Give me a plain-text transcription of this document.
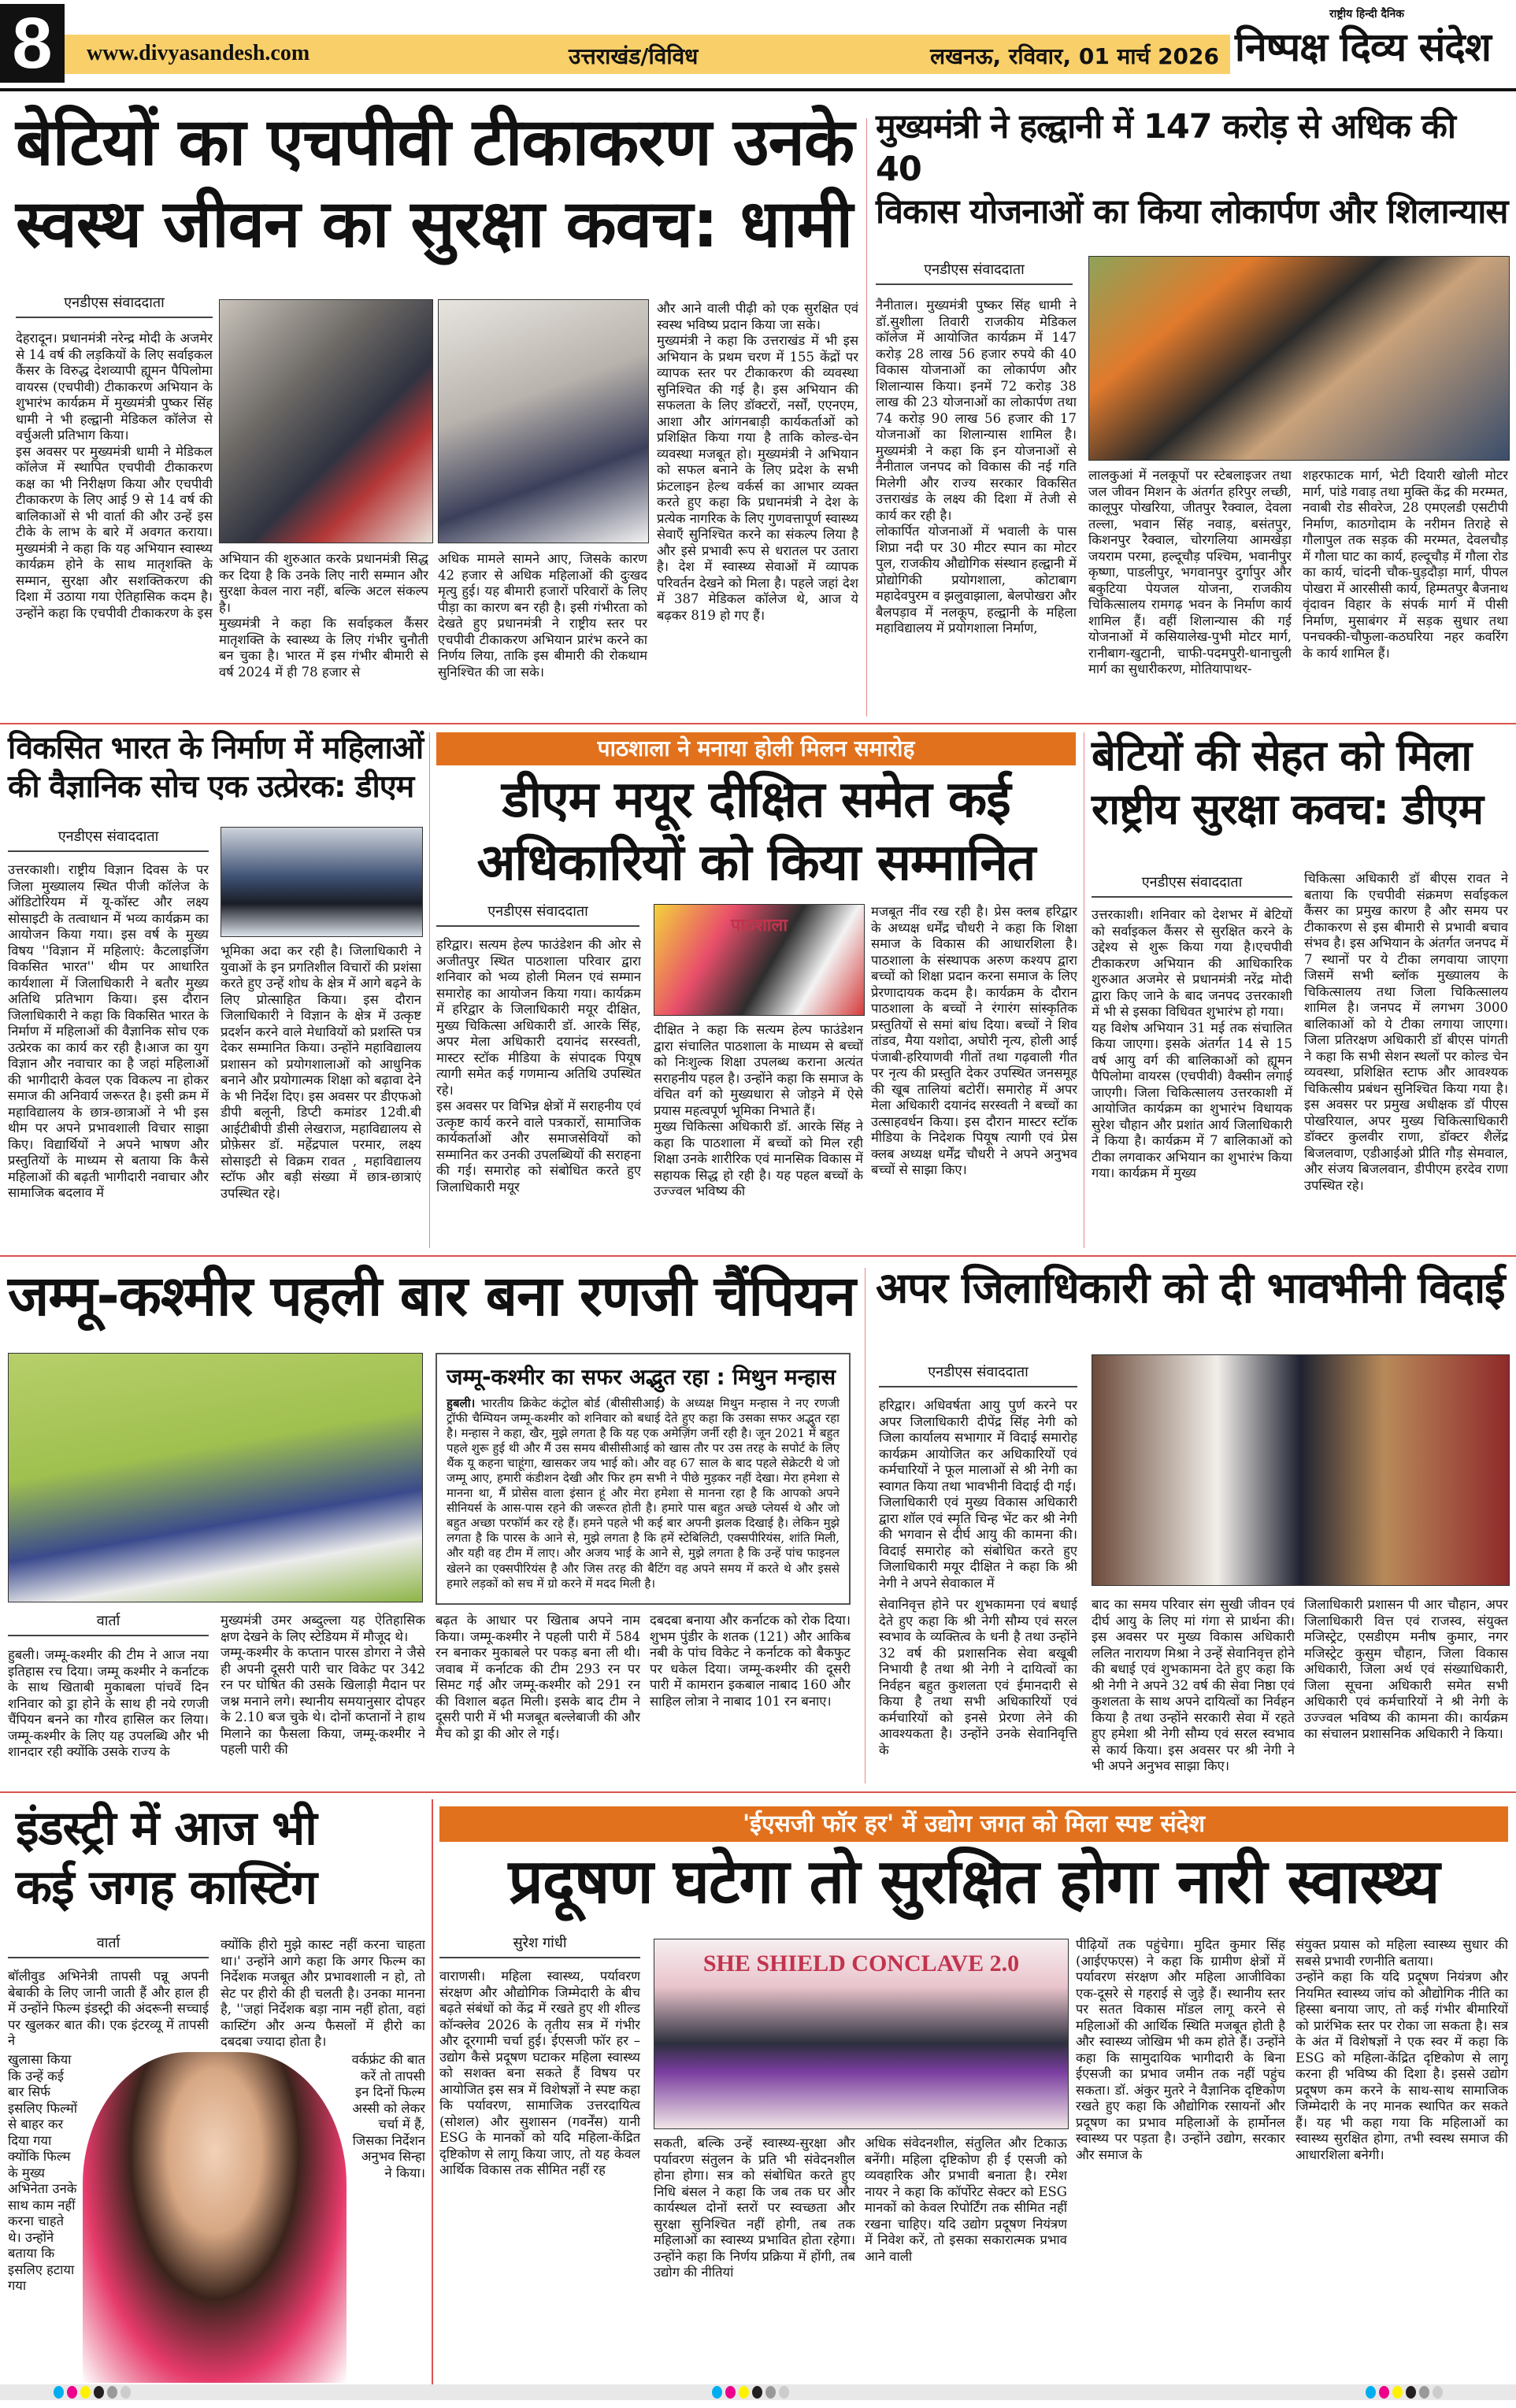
8	www.divyasandesh.com	उत्तराखंड/विविध	लखनऊ, रविवार, 01 मार्च 2026
राष्ट्रीय हिन्दी दैनिक
निष्पक्ष दिव्य संदेश
बेटियों का एचपीवी टीकाकरण उनके
स्वस्थ जीवन का सुरक्षा कवच: धामी
मुख्यमंत्री ने हल्द्वानी में 147 करोड़ से अधिक की 40
विकास योजनाओं का किया लोकार्पण और शिलान्यास
एनडीएस संवाददाता
देहरादून। प्रधानमंत्री नरेन्द्र मोदी के अजमेर से 14 वर्ष की लड़कियों के लिए सर्वाइकल कैंसर के विरुद्ध देशव्यापी ह्यूमन पैपिलोमा वायरस (एचपीवी) टीकाकरण अभियान के शुभारंभ कार्यक्रम में मुख्यमंत्री पुष्कर सिंह धामी ने भी हल्द्वानी मेडिकल कॉलेज से वर्चुअली प्रतिभाग किया।
इस अवसर पर मुख्यमंत्री धामी ने मेडिकल कॉलेज में स्थापित एचपीवी टीकाकरण कक्ष का भी निरीक्षण किया और एचपीवी टीकाकरण के लिए आई 9 से 14 वर्ष की बालिकाओं से भी वार्ता की और उन्हें इस टीके के लाभ के बारे में अवगत कराया। मुख्यमंत्री ने कहा कि यह अभियान स्वास्थ्य कार्यक्रम होने के साथ मातृशक्ति के सम्मान, सुरक्षा और सशक्तिकरण की दिशा में उठाया गया ऐतिहासिक कदम है। उन्होंने कहा कि एचपीवी टीकाकरण के इस
अभियान की शुरुआत करके प्रधानमंत्री सिद्ध कर दिया है कि उनके लिए नारी सम्मान और सुरक्षा केवल नारा नहीं, बल्कि अटल संकल्प है।
मुख्यमंत्री ने कहा कि सर्वाइकल कैंसर मातृशक्ति के स्वास्थ्य के लिए गंभीर चुनौती बन चुका है। भारत में इस गंभीर बीमारी से वर्ष 2024 में ही 78 हजार से
अधिक मामले सामने आए, जिसके कारण 42 हजार से अधिक महिलाओं की दुःखद मृत्यु हुई। यह बीमारी हजारों परिवारों के लिए पीड़ा का कारण बन रही है। इसी गंभीरता को देखते हुए प्रधानमंत्री ने राष्ट्रीय स्तर पर एचपीवी टीकाकरण अभियान प्रारंभ करने का निर्णय लिया, ताकि इस बीमारी की रोकथाम सुनिश्चित की जा सके।
और आने वाली पीढ़ी को एक सुरक्षित एवं स्वस्थ भविष्य प्रदान किया जा सके।
मुख्यमंत्री ने कहा कि उत्तराखंड में भी इस अभियान के प्रथम चरण में 155 केंद्रों पर व्यापक स्तर पर टीकाकरण की व्यवस्था सुनिश्चित की गई है। इस अभियान की सफलता के लिए डॉक्टरों, नर्सों, एएनएम, आशा और आंगनबाड़ी कार्यकर्ताओं को प्रशिक्षित किया गया है ताकि कोल्ड-चेन व्यवस्था मजबूत हो। मुख्यमंत्री ने अभियान को सफल बनाने के लिए प्रदेश के सभी फ्रंटलाइन हेल्थ वर्कर्स का आभार व्यक्त करते हुए कहा कि प्रधानमंत्री ने देश के प्रत्येक नागरिक के लिए गुणवत्तापूर्ण स्वास्थ्य सेवाएँ सुनिश्चित करने का संकल्प लिया है और इसे प्रभावी रूप से धरातल पर उतारा है। देश में स्वास्थ्य सेवाओं में व्यापक परिवर्तन देखने को मिला है। पहले जहां देश में 387 मेडिकल कॉलेज थे, आज ये बढ़कर 819 हो गए हैं।
एनडीएस संवाददाता
नैनीताल। मुख्यमंत्री पुष्कर सिंह धामी ने डॉ.सुशीला तिवारी राजकीय मेडिकल कॉलेज में आयोजित कार्यक्रम में 147 करोड़ 28 लाख 56 हजार रुपये की 40 विकास योजनाओं का लोकार्पण और शिलान्यास किया। इनमें 72 करोड़ 38 लाख की 23 योजनाओं का लोकार्पण तथा 74 करोड़ 90 लाख 56 हजार की 17 योजनाओं का शिलान्यास शामिल है। मुख्यमंत्री ने कहा कि इन योजनाओं से नैनीताल जनपद को विकास की नई गति मिलेगी और राज्य सरकार विकसित उत्तराखंड के लक्ष्य की दिशा में तेजी से कार्य कर रही है।
लोकार्पित योजनाओं में भवाली के पास शिप्रा नदी पर 30 मीटर स्पान का मोटर पुल, राजकीय औद्योगिक संस्थान हल्द्वानी में प्रोद्योगिकी प्रयोगशाला, कोटाबाग महादेवपुरम व झलुवाझाला, बेलपोखरा और बैलपड़ाव में नलकूप, हल्द्वानी के महिला महाविद्यालय में प्रयोगशाला निर्माण,
लालकुआं में नलकूपों पर स्टेबलाइजर तथा जल जीवन मिशन के अंतर्गत हरिपुर लच्छी, कालूपुर पोखरिया, जीतपुर रैक्वाल, देवला तल्ला, भवान सिंह नवाड़, बसंतपुर, किशनपुर रैक्वाल, चोरगलिया आमखेड़ा जयराम परमा, हल्दूचौड़ पश्चिम, भवानीपुर कृष्णा, पाडलीपुर, भगवानपुर दुर्गापुर और बकुटिया पेयजल योजना, राजकीय चिकित्सालय रामगढ़ भवन के निर्माण कार्य शामिल हैं। वहीं शिलान्यास की गई योजनाओं में कसियालेख-पुभी मोटर मार्ग, रानीबाग-खुटानी, चाफी-पदमपुरी-धानाचुली मार्ग का सुधारीकरण, मोतियापाथर-
शहरफाटक मार्ग, भेटी दियारी खोली मोटर मार्ग, पांडे गवाड़ तथा मुक्ति केंद्र की मरम्मत, नवाबी रोड सीवरेज, 28 एमएलडी एसटीपी निर्माण, काठगोदाम के नरीमन तिराहे से गौलापुल तक सड़क की मरम्मत, देवलचौड़ में गौला घाट का कार्य, हल्दूचौड़ में गौला रोड का कार्य, चांदनी चौक-घुड़दौड़ा मार्ग, पीपल पोखरा में आरसीसी कार्य, हिम्मतपुर बैजनाथ वृंदावन विहार के संपर्क मार्ग में पीसी निर्माण, मुसाबंगर में सड़क सुधार तथा पनचक्की-चौफुला-कठघरिया नहर कवरिंग के कार्य शामिल हैं।
विकसित भारत के निर्माण में महिलाओं
की वैज्ञानिक सोच एक उत्प्रेरक: डीएम
एनडीएस संवाददाता
उत्तरकाशी। राष्ट्रीय विज्ञान दिवस के पर जिला मुख्यालय स्थित पीजी कॉलेज के ऑडिटोरियम में यू-कॉस्ट और लक्ष्य सोसाइटी के तत्वाधान में भव्य कार्यक्रम का आयोजन किया गया। इस वर्ष के मुख्य विषय ''विज्ञान में महिलाएं: कैटलाइजिंग विकसित भारत'' थीम पर आधारित कार्यशाला में जिलाधिकारी ने बतौर मुख्य अतिथि प्रतिभाग किया। इस दौरान जिलाधिकारी ने कहा कि विकसित भारत के निर्माण में महिलाओं की वैज्ञानिक सोच एक उत्प्रेरक का कार्य कर रही है।आज का युग विज्ञान और नवाचार का है जहां महिलाओं की भागीदारी केवल एक विकल्प ना होकर समाज की अनिवार्य जरूरत है। इसी क्रम में महाविद्यालय के छात्र-छात्राओं ने भी इस थीम पर अपने प्रभावशाली विचार साझा किए। विद्यार्थियों ने अपने भाषण और प्रस्तुतियों के माध्यम से बताया कि कैसे महिलाओं की बढ़ती भागीदारी नवाचार और सामाजिक बदलाव में
भूमिका अदा कर रही है। जिलाधिकारी ने युवाओं के इन प्रगतिशील विचारों की प्रशंसा करते हुए उन्हें शोध के क्षेत्र में आगे बढ़ने के लिए प्रोत्साहित किया। इस दौरान जिलाधिकारी ने विज्ञान के क्षेत्र में उत्कृष्ट प्रदर्शन करने वाले मेधावियों को प्रशस्ति पत्र देकर सम्मानित किया। उन्होंने महाविद्यालय प्रशासन को प्रयोगशालाओं को आधुनिक बनाने और प्रयोगात्मक शिक्षा को बढ़ावा देने के भी निर्देश दिए। इस अवसर पर डीएफओ डीपी बलूनी, डिप्टी कमांडर 12वी.बी आईटीबीपी डीसी लेखराज, महाविद्यालय से प्रोफ़ेसर डॉ. महेंद्रपाल परमार, लक्ष्य सोसाइटी से विक्रम रावत , महाविद्यालय स्टॉफ और बड़ी संख्या में छात्र-छात्राएं उपस्थित रहे।
पाठशाला ने मनाया होली मिलन समारोह
डीएम मयूर दीक्षित समेत कई
अधिकारियों को किया सम्मानित
एनडीएस संवाददाता
हरिद्वार। सत्यम हेल्प फाउंडेशन की ओर से अजीतपुर स्थित पाठशाला परिवार द्वारा शनिवार को भव्य होली मिलन एवं सम्मान समारोह का आयोजन किया गया। कार्यक्रम में हरिद्वार के जिलाधिकारी मयूर दीक्षित, मुख्य चिकित्सा अधिकारी डॉ. आरके सिंह, अपर मेला अधिकारी दयानंद सरस्वती, मास्टर स्टॉक मीडिया के संपादक पियूष त्यागी समेत कई गणमान्य अतिथि उपस्थित रहे।
इस अवसर पर विभिन्न क्षेत्रों में सराहनीय एवं उत्कृष्ट कार्य करने वाले पत्रकारों, सामाजिक कार्यकर्ताओं और समाजसेवियों को सम्मानित कर उनकी उपलब्धियों की सराहना की गई। समारोह को संबोधित करते हुए जिलाधिकारी मयूर
पाठशाला
दीक्षित ने कहा कि सत्यम हेल्प फाउंडेशन द्वारा संचालित पाठशाला के माध्यम से बच्चों को निःशुल्क शिक्षा उपलब्ध कराना अत्यंत सराहनीय पहल है। उन्होंने कहा कि समाज के वंचित वर्ग को मुख्यधारा से जोड़ने में ऐसे प्रयास महत्वपूर्ण भूमिका निभाते हैं।
मुख्य चिकित्सा अधिकारी डॉ. आरके सिंह ने कहा कि पाठशाला में बच्चों को मिल रही शिक्षा उनके शारीरिक एवं मानसिक विकास में सहायक सिद्ध हो रही है। यह पहल बच्चों के उज्ज्वल भविष्य की
मजबूत नींव रख रही है। प्रेस क्लब हरिद्वार के अध्यक्ष धर्मेंद्र चौधरी ने कहा कि शिक्षा समाज के विकास की आधारशिला है। पाठशाला के संस्थापक अरुण कश्यप द्वारा बच्चों को शिक्षा प्रदान करना समाज के लिए प्रेरणादायक कदम है। कार्यक्रम के दौरान पाठशाला के बच्चों ने रंगारंग सांस्कृतिक प्रस्तुतियों से समां बांध दिया। बच्चों ने शिव तांडव, मैया यशोदा, अघोरी नृत्य, होली आई पंजाबी-हरियाणवी गीतों तथा गढ़वाली गीत पर नृत्य की प्रस्तुति देकर उपस्थित जनसमूह की खूब तालियां बटोरीं। समारोह में अपर मेला अधिकारी दयानंद सरस्वती ने बच्चों का उत्साहवर्धन किया। इस दौरान मास्टर स्टॉक मीडिया के निदेशक पियूष त्यागी एवं प्रेस क्लब अध्यक्ष धर्मेंद्र चौधरी ने अपने अनुभव बच्चों से साझा किए।
बेटियों की सेहत को मिला
राष्ट्रीय सुरक्षा कवच: डीएम
एनडीएस संवाददाता
उत्तरकाशी। शनिवार को देशभर में बेटियों को सर्वाइकल कैंसर से सुरक्षित करने के उद्देश्य से शुरू किया गया है।एचपीवी टीकाकरण अभियान की आधिकारिक शुरुआत अजमेर से प्रधानमंत्री नरेंद्र मोदी द्वारा किए जाने के बाद जनपद उत्तरकाशी में भी से इसका विधिवत शुभारंभ हो गया।
यह विशेष अभियान 31 मई तक संचालित किया जाएगा। इसके अंतर्गत 14 से 15 वर्ष आयु वर्ग की बालिकाओं को ह्यूमन पैपिलोमा वायरस (एचपीवी) वैक्सीन लगाई जाएगी। जिला चिकित्सालय उत्तरकाशी में आयोजित कार्यक्रम का शुभारंभ विधायक सुरेश चौहान और प्रशांत आर्य जिलाधिकारी ने किया है। कार्यक्रम में 7 बालिकाओं को टीका लगवाकर अभियान का शुभारंभ किया गया। कार्यक्रम में मुख्य
चिकित्सा अधिकारी डॉ बीएस रावत ने बताया कि एचपीवी संक्रमण सर्वाइकल कैंसर का प्रमुख कारण है और समय पर टीकाकरण से इस बीमारी से प्रभावी बचाव संभव है। इस अभियान के अंतर्गत जनपद में 7 स्थानों पर ये टीका लगवाया जाएगा जिसमें सभी ब्लॉक मुख्यालय के चिकित्सालय तथा जिला चिकित्सालय शामिल है। जनपद में लगभग 3000 बालिकाओं को ये टीका लगाया जाएगा। जिला प्रतिरक्षण अधिकारी डॉ बीएस पांगती ने कहा कि सभी सेशन स्थलों पर कोल्ड चेन व्यवस्था, प्रशिक्षित स्टाफ और आवश्यक चिकित्सीय प्रबंधन सुनिश्चित किया गया है। इस अवसर पर प्रमुख अधीक्षक डॉ पीएस पोखरियाल, अपर मुख्य चिकित्साधिकारी डॉक्टर कुलवीर राणा, डॉक्टर शैलेंद्र बिजलवाण, एडीआईओ प्रीति गौड़ सेमवाल, और संजय बिजलवान, डीपीएम हरदेव राणा उपस्थित रहे।
जम्मू-कश्मीर पहली बार बना रणजी चैंपियन
जम्मू-कश्मीर का सफर अद्भुत रहा : मिथुन मन्हास
हुबली। भारतीय क्रिकेट कंट्रोल बोर्ड (बीसीसीआई) के अध्यक्ष मिथुन मन्हास ने नए रणजी ट्रॉफी चैम्पियन जम्मू-कश्मीर को शनिवार को बधाई देते हुए कहा कि उसका सफर अद्भुत रहा है। मन्हास ने कहा, खैर, मुझे लगता है कि यह एक अमेज़िंग जर्नी रही है। जून 2021 में बहुत पहले शुरू हुई थी और मैं उस समय बीसीसीआई को खास तौर पर उस तरह के सपोर्ट के लिए थैंक यू कहना चाहूंगा, खासकर जय भाई को। और वह 67 साल के बाद पहले सेक्रेटरी थे जो जम्मू आए, हमारी कंडीशन देखी और फिर हम सभी ने पीछे मुड़कर नहीं देखा। मेरा हमेशा से मानना था, मैं प्रोसेस वाला इंसान हूं और मेरा हमेशा से मानना रहा है कि आपको अपने सीनियर्स के आस-पास रहने की जरूरत होती है। हमारे पास बहुत अच्छे प्लेयर्स थे और जो बहुत अच्छा परफॉर्म कर रहे हैं। हमने पहले भी कई बार अपनी झलक दिखाई है। लेकिन मुझे लगता है कि पारस के आने से, मुझे लगता है कि हमें स्टेबिलिटी, एक्सपीरियंस, शांति मिली, और यही वह टीम में लाए। और अजय भाई के आने से, मुझे लगता है कि उन्हें पांच फाइनल खेलने का एक्सपीरियंस है और जिस तरह की बैटिंग वह अपने समय में करते थे और इससे हमारे लड़कों को सच में ग्रो करने में मदद मिली है।
वार्ता
हुबली। जम्मू-कश्मीर की टीम ने आज नया इतिहास रच दिया। जम्मू कश्मीर ने कर्नाटक के साथ खिताबी मुकाबला पांचवें दिन शनिवार को ड्रा होने के साथ ही नये रणजी चैंपियन बनने का गौरव हासिल कर लिया। जम्मू-कश्मीर के लिए यह उपलब्धि और भी शानदार रही क्योंकि उसके राज्य के
मुख्यमंत्री उमर अब्दुल्ला यह ऐतिहासिक क्षण देखने के लिए स्टेडियम में मौजूद थे।
जम्मू-कश्मीर के कप्तान पारस डोगरा ने जैसे ही अपनी दूसरी पारी चार विकेट पर 342 रन पर घोषित की उसके खिलाड़ी मैदान पर जश्न मनाने लगे। स्थानीय समयानुसार दोपहर के 2.10 बज चुके थे। दोनों कप्तानों ने हाथ मिलाने का फैसला किया, जम्मू-कश्मीर ने पहली पारी की
बढ़त के आधार पर खिताब अपने नाम किया। जम्मू-कश्मीर ने पहली पारी में 584 रन बनाकर मुकाबले पर पकड़ बना ली थी। जवाब में कर्नाटक की टीम 293 रन पर सिमट गई और जम्मू-कश्मीर को 291 रन की विशाल बढ़त मिली। इसके बाद टीम ने दूसरी पारी में भी मजबूत बल्लेबाजी की और मैच को ड्रा की ओर ले गई।
दबदबा बनाया और कर्नाटक को रोक दिया। शुभम पुंडीर के शतक (121) और आकिब नबी के पांच विकेट ने कर्नाटक को बैकफुट पर धकेल दिया। जम्मू-कश्मीर की दूसरी पारी में कामरान इकबाल नाबाद 160 और साहिल लोत्रा ने नाबाद 101 रन बनाए।
अपर जिलाधिकारी को दी भावभीनी विदाई
एनडीएस संवाददाता
हरिद्वार। अधिवर्षता आयु पुर्ण करने पर अपर जिलाधिकारी दीपेंद्र सिंह नेगी को जिला कार्यालय सभागार में विदाई समारोह कार्यक्रम आयोजित कर अधिकारियों एवं कर्मचारियों ने फूल मालाओं से श्री नेगी का स्वागत किया तथा भावभीनी विदाई दी गई।
जिलाधिकारी एवं मुख्य विकास अधिकारी द्वारा शॉल एवं स्मृति चिन्ह भेंट कर श्री नेगी की भगवान से दीर्घ आयु की कामना की। विदाई समारोह को संबोधित करते हुए जिलाधिकारी मयूर दीक्षित ने कहा कि श्री नेगी ने अपने सेवाकाल में
सेवानिवृत्त होने पर शुभकामना एवं बधाई देते हुए कहा कि श्री नेगी सौम्य एवं सरल स्वभाव के व्यक्तित्व के धनी है तथा उन्होंने 32 वर्ष की प्रशासनिक सेवा बखूबी निभायी है तथा श्री नेगी ने दायित्वों का निर्वहन बहुत कुशलता एवं ईमानदारी से किया है तथा सभी अधिकारियों एवं कर्मचारियों को इनसे प्रेरणा लेने की आवश्यकता है। उन्होंने उनके सेवानिवृत्ति के
बाद का समय परिवार संग सुखी जीवन एवं दीर्घ आयु के लिए मां गंगा से प्रार्थना की। इस अवसर पर मुख्य विकास अधिकारी ललित नारायण मिश्रा ने उन्हें सेवानिवृत्त होने की बधाई एवं शुभकामना देते हुए कहा कि श्री नेगी ने अपने 32 वर्ष की सेवा निष्ठा एवं कुशलता के साथ अपने दायित्वों का निर्वहन किया है तथा उन्होंने सरकारी सेवा में रहते हुए हमेशा श्री नेगी सौम्य एवं सरल स्वभाव से कार्य किया। इस अवसर पर श्री नेगी ने भी अपने अनुभव साझा किए।
जिलाधिकारी प्रशासन पी आर चौहान, अपर जिलाधिकारी वित्त एवं राजस्व, संयुक्त मजिस्ट्रेट, एसडीएम मनीष कुमार, नगर मजिस्ट्रेट कुसुम चौहान, जिला विकास अधिकारी, जिला अर्थ एवं संख्याधिकारी, जिला सूचना अधिकारी समेत सभी अधिकारी एवं कर्मचारियों ने श्री नेगी के उज्ज्वल भविष्य की कामना की। कार्यक्रम का संचालन प्रशासनिक अधिकारी ने किया।
इंडस्ट्री में आज भी
कई जगह कास्टिंग
वार्ता
बॉलीवुड अभिनेत्री तापसी पन्नू अपनी बेबाकी के लिए जानी जाती हैं और हाल ही में उन्होंने फिल्म इंडस्ट्री की अंदरूनी सच्चाई पर खुलकर बात की। एक इंटरव्यू में तापसी ने
खुलासा किया कि उन्हें कई बार सिर्फ इसलिए फिल्मों से बाहर कर दिया गया क्योंकि फिल्म के मुख्य अभिनेता उनके साथ काम नहीं करना चाहते थे। उन्होंने बताया कि इसलिए हटाया गया
क्योंकि हीरो मुझे कास्ट नहीं करना चाहता था।' उन्होंने आगे कहा कि अगर फिल्म का निर्देशक मजबूत और प्रभावशाली न हो, तो सेट पर हीरो की ही चलती है। उनका मानना है, ''जहां निर्देशक बड़ा नाम नहीं होता, वहां कास्टिंग और अन्य फैसलों में हीरो का दबदबा ज्यादा होता है।
वर्कफ्रंट की बात करें तो तापसी इन दिनों फिल्म अस्सी को लेकर चर्चा में हैं, जिसका निर्देशन अनुभव सिन्हा ने किया।
'ईएसजी फॉर हर' में उद्योग जगत को मिला स्पष्ट संदेश
प्रदूषण घटेगा तो सुरक्षित होगा नारी स्वास्थ्य
सुरेश गांधी
वाराणसी। महिला स्वास्थ्य, पर्यावरण संरक्षण और औद्योगिक जिम्मेदारी के बीच बढ़ते संबंधों को केंद्र में रखते हुए शी शील्ड कॉन्क्लेव 2026 के तृतीय सत्र में गंभीर और दूरगामी चर्चा हुई। ईएसजी फॉर हर – उद्योग कैसे प्रदूषण घटाकर महिला स्वास्थ्य को सशक्त बना सकते हैं विषय पर आयोजित इस सत्र में विशेषज्ञों ने स्पष्ट कहा कि पर्यावरण, सामाजिक उत्तरदायित्व (सोशल) और सुशासन (गवर्नेंस) यानी ESG के मानकों को यदि महिला-केंद्रित दृष्टिकोण से लागू किया जाए, तो यह केवल आर्थिक विकास तक सीमित नहीं रह
SHE SHIELD CONCLAVE 2.0
सकती, बल्कि उन्हें स्वास्थ्य-सुरक्षा और पर्यावरण संतुलन के प्रति भी संवेदनशील होना होगा। सत्र को संबोधित करते हुए निधि बंसल ने कहा कि जब तक घर और कार्यस्थल दोनों स्तरों पर स्वच्छता और सुरक्षा सुनिश्चित नहीं होगी, तब तक महिलाओं का स्वास्थ्य प्रभावित होता रहेगा। उन्होंने कहा कि निर्णय प्रक्रिया में होंगी, तब उद्योग की नीतियां
अधिक संवेदनशील, संतुलित और टिकाऊ बनेंगी। महिला दृष्टिकोण ही ई एसजी को व्यवहारिक और प्रभावी बनाता है। रमेश नायर ने कहा कि कॉर्पोरेट सेक्टर को ESG मानकों को केवल रिपोर्टिंग तक सीमित नहीं रखना चाहिए। यदि उद्योग प्रदूषण नियंत्रण में निवेश करें, तो इसका सकारात्मक प्रभाव आने वाली
पीढ़ियों तक पहुंचेगा। मुदित कुमार सिंह (आईएफएस) ने कहा कि ग्रामीण क्षेत्रों में पर्यावरण संरक्षण और महिला आजीविका एक-दूसरे से गहराई से जुड़े हैं। स्थानीय स्तर पर सतत विकास मॉडल लागू करने से महिलाओं की आर्थिक स्थिति मजबूत होती है और स्वास्थ्य जोखिम भी कम होते हैं। उन्होंने कहा कि सामुदायिक भागीदारी के बिना ईएसजी का प्रभाव जमीन तक नहीं पहुंच सकता। डॉ. अंकुर मुतरे ने वैज्ञानिक दृष्टिकोण रखते हुए कहा कि औद्योगिक रसायनों और प्रदूषण का प्रभाव महिलाओं के हार्मोनल स्वास्थ्य पर पड़ता है। उन्होंने उद्योग, सरकार और समाज के
संयुक्त प्रयास को महिला स्वास्थ्य सुधार की सबसे प्रभावी रणनीति बताया।
उन्होंने कहा कि यदि प्रदूषण नियंत्रण और नियमित स्वास्थ्य जांच को औद्योगिक नीति का हिस्सा बनाया जाए, तो कई गंभीर बीमारियों को प्रारंभिक स्तर पर रोका जा सकता है। सत्र के अंत में विशेषज्ञों ने एक स्वर में कहा कि ESG को महिला-केंद्रित दृष्टिकोण से लागू करना ही भविष्य की दिशा है। इससे उद्योग प्रदूषण कम करने के साथ-साथ सामाजिक जिम्मेदारी के नए मानक स्थापित कर सकते हैं। यह भी कहा गया कि महिलाओं का स्वास्थ्य सुरक्षित होगा, तभी स्वस्थ समाज की आधारशिला बनेगी।
